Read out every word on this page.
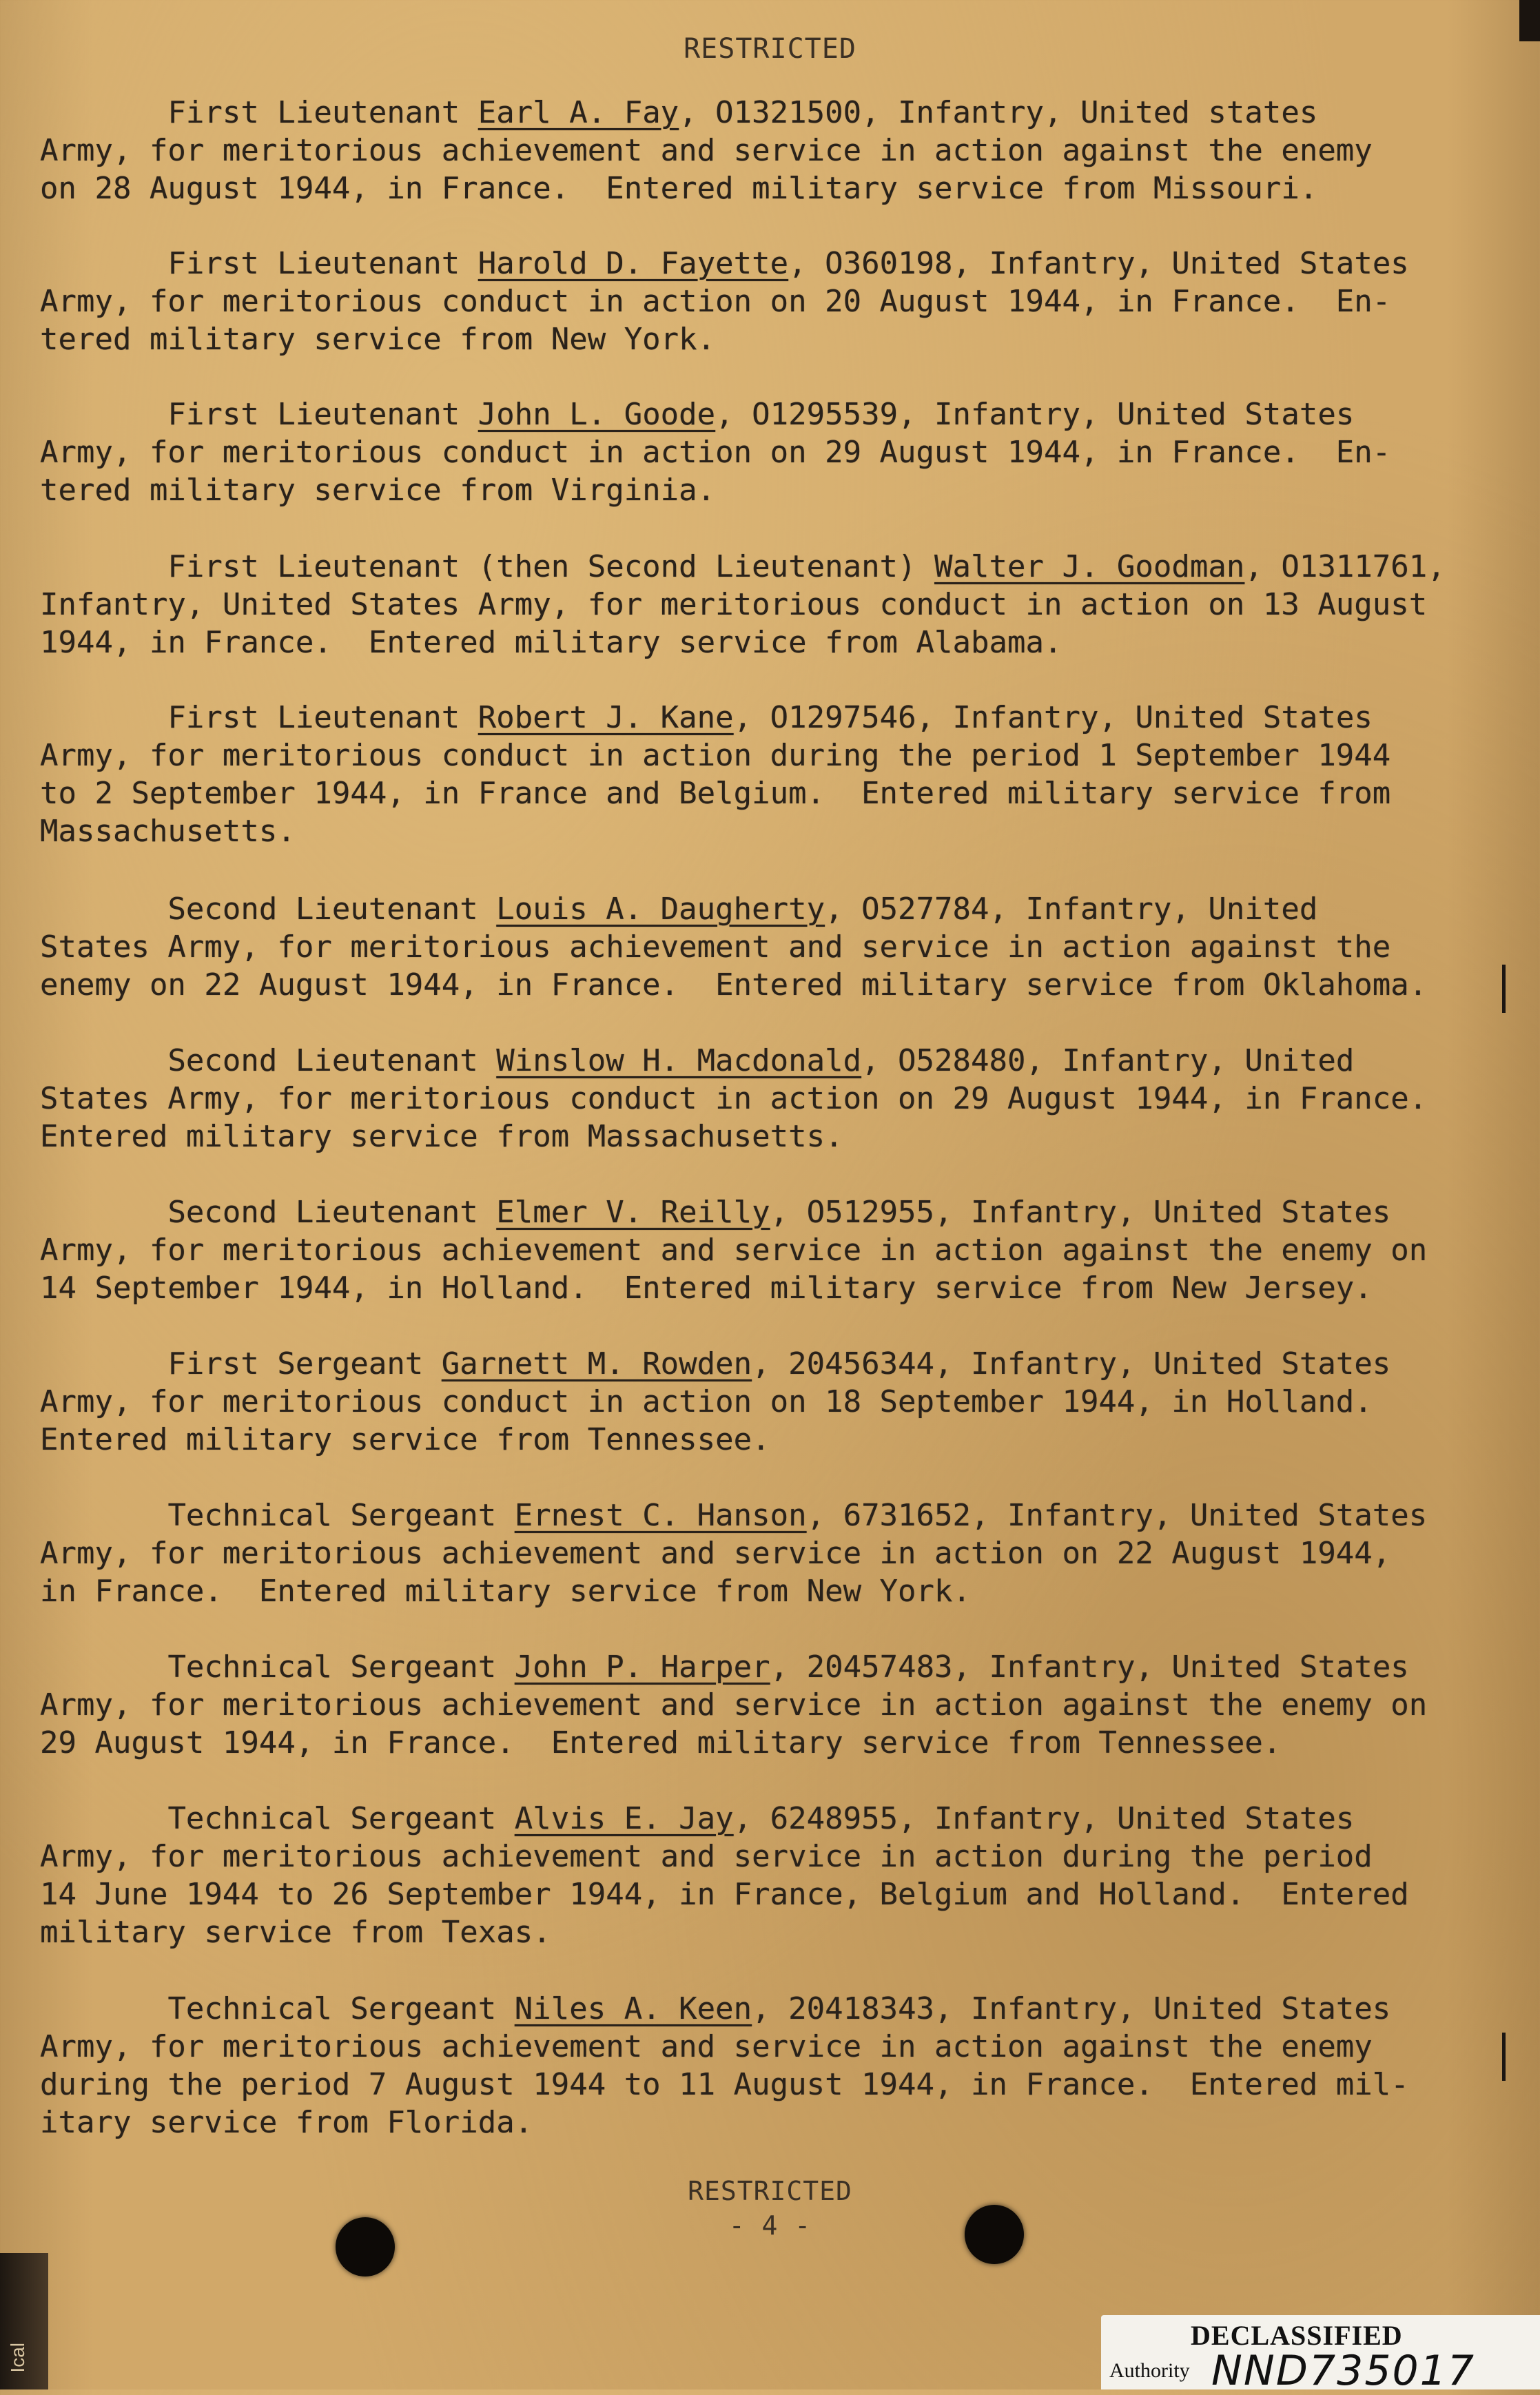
RESTRICTED

First Lieutenant Earl A. Fay, O1321500, Infantry, United states
Army, for meritorious achievement and service in action against the enemy
on 28 August 1944, in France.  Entered military service from Missouri.

First Lieutenant Harold D. Fayette, O360198, Infantry, United States
Army, for meritorious conduct in action on 20 August 1944, in France.  En-
tered military service from New York.

First Lieutenant John L. Goode, O1295539, Infantry, United States
Army, for meritorious conduct in action on 29 August 1944, in France.  En-
tered military service from Virginia.

First Lieutenant (then Second Lieutenant) Walter J. Goodman, O1311761,
Infantry, United States Army, for meritorious conduct in action on 13 August
1944, in France.  Entered military service from Alabama.

First Lieutenant Robert J. Kane, O1297546, Infantry, United States
Army, for meritorious conduct in action during the period 1 September 1944
to 2 September 1944, in France and Belgium.  Entered military service from
Massachusetts.

Second Lieutenant Louis A. Daugherty, O527784, Infantry, United
States Army, for meritorious achievement and service in action against the
enemy on 22 August 1944, in France.  Entered military service from Oklahoma.

Second Lieutenant Winslow H. Macdonald, O528480, Infantry, United
States Army, for meritorious conduct in action on 29 August 1944, in France.
Entered military service from Massachusetts.

Second Lieutenant Elmer V. Reilly, O512955, Infantry, United States
Army, for meritorious achievement and service in action against the enemy on
14 September 1944, in Holland.  Entered military service from New Jersey.

First Sergeant Garnett M. Rowden, 20456344, Infantry, United States
Army, for meritorious conduct in action on 18 September 1944, in Holland.
Entered military service from Tennessee.

Technical Sergeant Ernest C. Hanson, 6731652, Infantry, United States
Army, for meritorious achievement and service in action on 22 August 1944,
in France.  Entered military service from New York.

Technical Sergeant John P. Harper, 20457483, Infantry, United States
Army, for meritorious achievement and service in action against the enemy on
29 August 1944, in France.  Entered military service from Tennessee.

Technical Sergeant Alvis E. Jay, 6248955, Infantry, United States
Army, for meritorious achievement and service in action during the period
14 June 1944 to 26 September 1944, in France, Belgium and Holland.  Entered
military service from Texas.

Technical Sergeant Niles A. Keen, 20418343, Infantry, United States
Army, for meritorious achievement and service in action against the enemy
during the period 7 August 1944 to 11 August 1944, in France.  Entered mil-
itary service from Florida.

RESTRICTED
- 4 -
Ical
DECLASSIFIED
Authority NND735017
